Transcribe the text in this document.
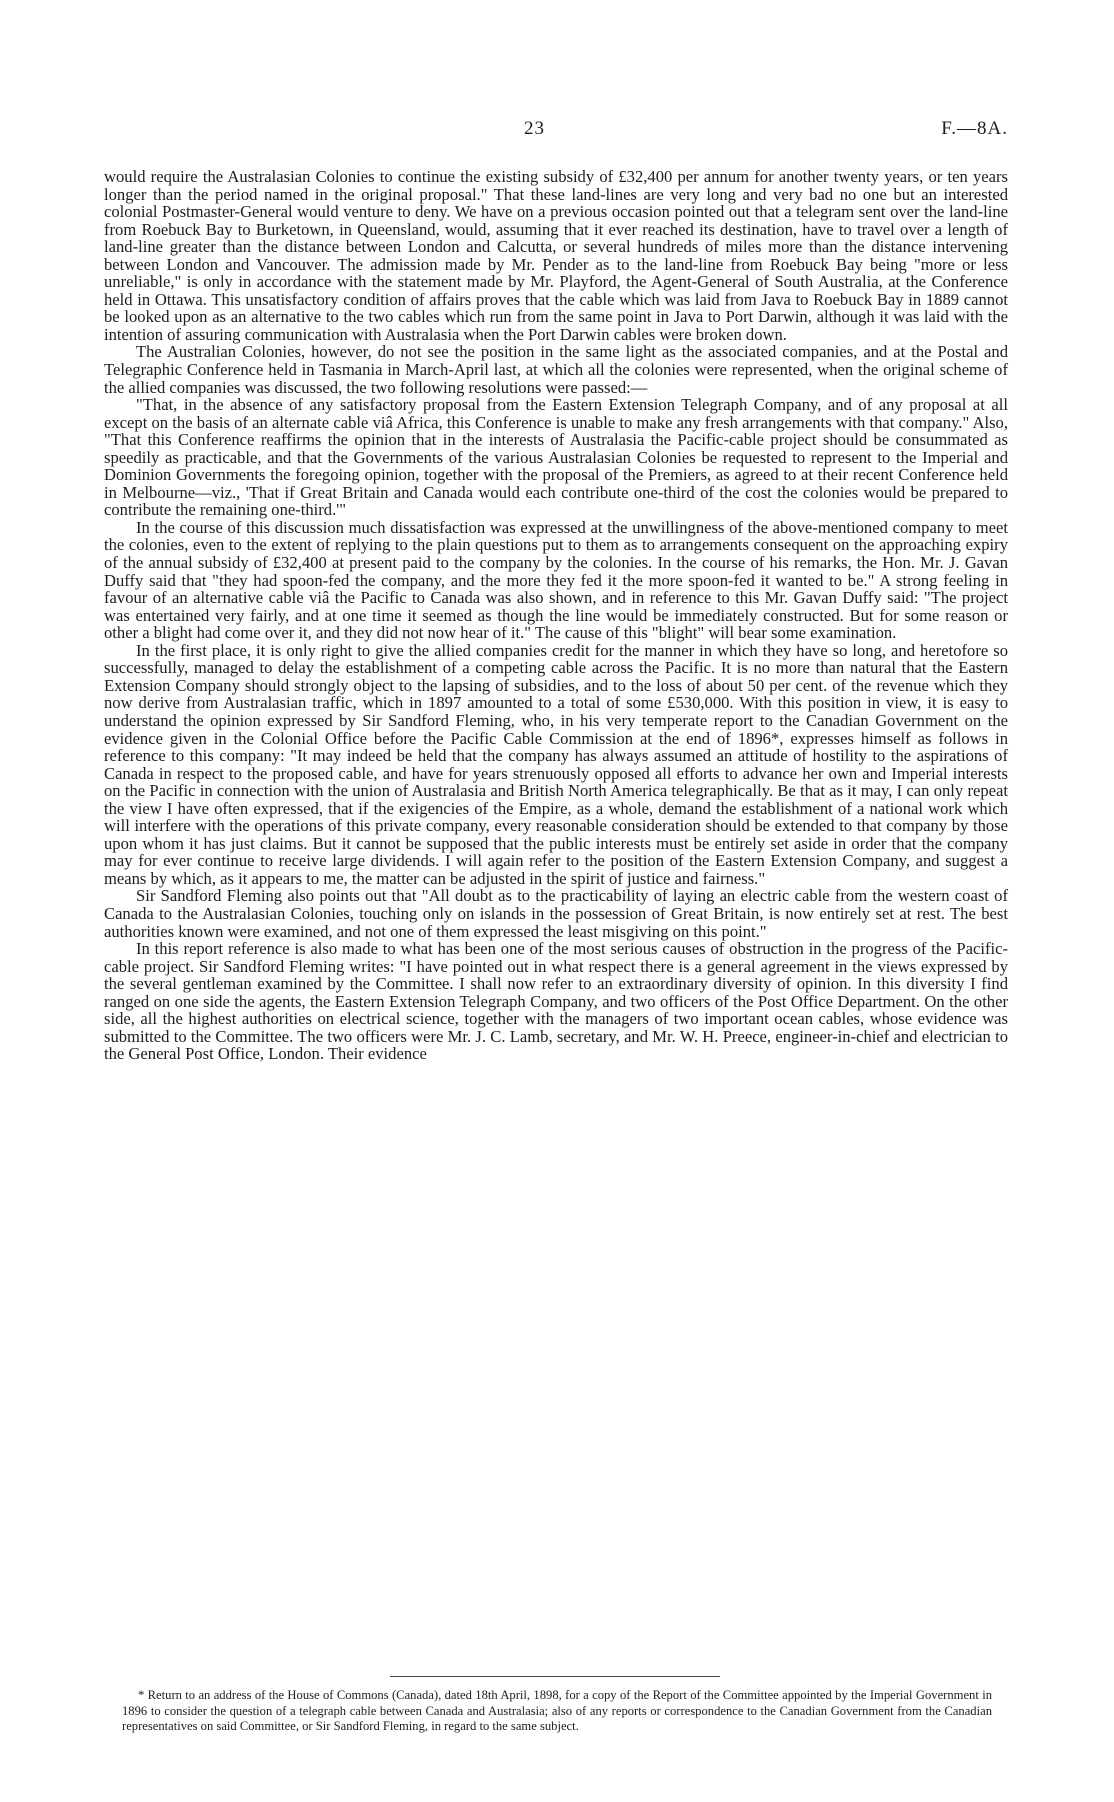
23	F.—8A.

would require the Australasian Colonies to continue the existing subsidy of £32,400 per annum for another twenty years, or ten years longer than the period named in the original proposal." That these land-lines are very long and very bad no one but an interested colonial Postmaster-General would venture to deny. We have on a previous occasion pointed out that a telegram sent over the land-line from Roebuck Bay to Burketown, in Queensland, would, assuming that it ever reached its destination, have to travel over a length of land-line greater than the distance between London and Calcutta, or several hundreds of miles more than the distance intervening between London and Vancouver. The admission made by Mr. Pender as to the land-line from Roebuck Bay being "more or less unreliable," is only in accordance with the statement made by Mr. Playford, the Agent-General of South Australia, at the Conference held in Ottawa. This unsatisfactory condition of affairs proves that the cable which was laid from Java to Roebuck Bay in 1889 cannot be looked upon as an alternative to the two cables which run from the same point in Java to Port Darwin, although it was laid with the intention of assuring communication with Australasia when the Port Darwin cables were broken down.

The Australian Colonies, however, do not see the position in the same light as the associated companies, and at the Postal and Telegraphic Conference held in Tasmania in March-April last, at which all the colonies were represented, when the original scheme of the allied companies was discussed, the two following resolutions were passed:—

"That, in the absence of any satisfactory proposal from the Eastern Extension Telegraph Company, and of any proposal at all except on the basis of an alternate cable viâ Africa, this Conference is unable to make any fresh arrangements with that company." Also, "That this Conference reaffirms the opinion that in the interests of Australasia the Pacific-cable project should be consummated as speedily as practicable, and that the Governments of the various Australasian Colonies be requested to represent to the Imperial and Dominion Governments the foregoing opinion, together with the proposal of the Premiers, as agreed to at their recent Conference held in Melbourne—viz., 'That if Great Britain and Canada would each contribute one-third of the cost the colonies would be prepared to contribute the remaining one-third.'"

In the course of this discussion much dissatisfaction was expressed at the unwillingness of the above-mentioned company to meet the colonies, even to the extent of replying to the plain questions put to them as to arrangements consequent on the approaching expiry of the annual subsidy of £32,400 at present paid to the company by the colonies. In the course of his remarks, the Hon. Mr. J. Gavan Duffy said that "they had spoon-fed the company, and the more they fed it the more spoon-fed it wanted to be." A strong feeling in favour of an alternative cable viâ the Pacific to Canada was also shown, and in reference to this Mr. Gavan Duffy said: "The project was entertained very fairly, and at one time it seemed as though the line would be immediately constructed. But for some reason or other a blight had come over it, and they did not now hear of it." The cause of this "blight" will bear some examination.

In the first place, it is only right to give the allied companies credit for the manner in which they have so long, and heretofore so successfully, managed to delay the establishment of a competing cable across the Pacific. It is no more than natural that the Eastern Extension Company should strongly object to the lapsing of subsidies, and to the loss of about 50 per cent. of the revenue which they now derive from Australasian traffic, which in 1897 amounted to a total of some £530,000. With this position in view, it is easy to understand the opinion expressed by Sir Sandford Fleming, who, in his very temperate report to the Canadian Government on the evidence given in the Colonial Office before the Pacific Cable Commission at the end of 1896*, expresses himself as follows in reference to this company: "It may indeed be held that the company has always assumed an attitude of hostility to the aspirations of Canada in respect to the proposed cable, and have for years strenuously opposed all efforts to advance her own and Imperial interests on the Pacific in connection with the union of Australasia and British North America telegraphically. Be that as it may, I can only repeat the view I have often expressed, that if the exigencies of the Empire, as a whole, demand the establishment of a national work which will interfere with the operations of this private company, every reasonable consideration should be extended to that company by those upon whom it has just claims. But it cannot be supposed that the public interests must be entirely set aside in order that the company may for ever continue to receive large dividends. I will again refer to the position of the Eastern Extension Company, and suggest a means by which, as it appears to me, the matter can be adjusted in the spirit of justice and fairness."

Sir Sandford Fleming also points out that "All doubt as to the practicability of laying an electric cable from the western coast of Canada to the Australasian Colonies, touching only on islands in the possession of Great Britain, is now entirely set at rest. The best authorities known were examined, and not one of them expressed the least misgiving on this point."

In this report reference is also made to what has been one of the most serious causes of obstruction in the progress of the Pacific-cable project. Sir Sandford Fleming writes: "I have pointed out in what respect there is a general agreement in the views expressed by the several gentleman examined by the Committee. I shall now refer to an extraordinary diversity of opinion. In this diversity I find ranged on one side the agents, the Eastern Extension Telegraph Company, and two officers of the Post Office Department. On the other side, all the highest authorities on electrical science, together with the managers of two important ocean cables, whose evidence was submitted to the Committee. The two officers were Mr. J. C. Lamb, secretary, and Mr. W. H. Preece, engineer-in-chief and electrician to the General Post Office, London. Their evidence

* Return to an address of the House of Commons (Canada), dated 18th April, 1898, for a copy of the Report of the Committee appointed by the Imperial Government in 1896 to consider the question of a telegraph cable between Canada and Australasia; also of any reports or correspondence to the Canadian Government from the Canadian representatives on said Committee, or Sir Sandford Fleming, in regard to the same subject.
